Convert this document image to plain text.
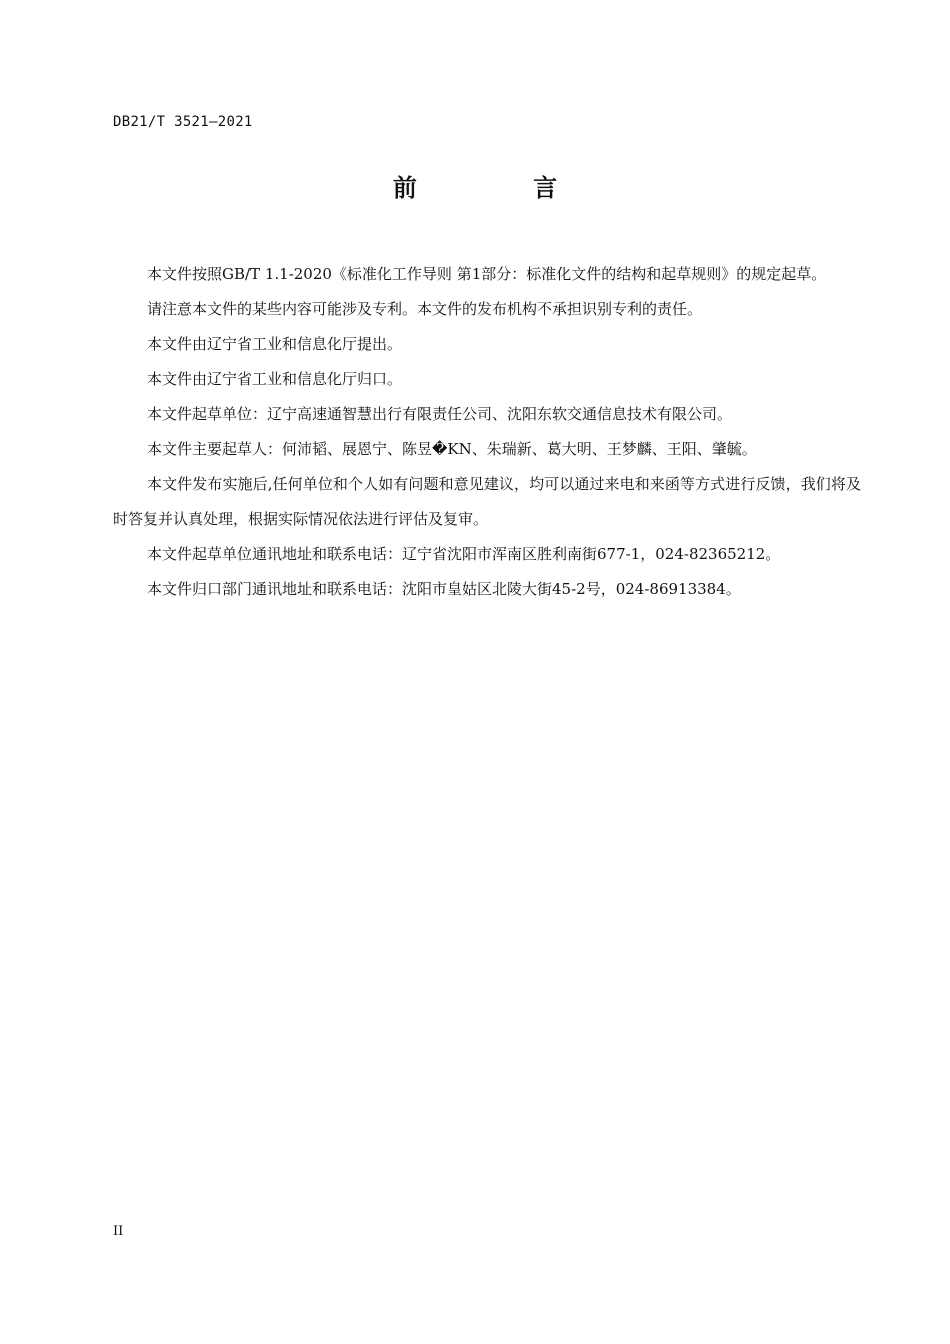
DB21/T 3521—2021
前 言

本文件按照GB/T 1.1-2020《标准化工作导则 第1部分：标准化文件的结构和起草规则》的规定起草。

请注意本文件的某些内容可能涉及专利。本文件的发布机构不承担识别专利的责任。

本文件由辽宁省工业和信息化厅提出。

本文件由辽宁省工业和信息化厅归口。

本文件起草单位：辽宁高速通智慧出行有限责任公司、沈阳东软交通信息技术有限公司。

本文件主要起草人：何沛韬、展恩宁、陈昱�KN、朱瑞新、葛大明、王梦麟、王阳、肇毓。

本文件发布实施后,任何单位和个人如有问题和意见建议，均可以通过来电和来函等方式进行反馈，我们将及时答复并认真处理，根据实际情况依法进行评估及复审。

本文件起草单位通讯地址和联系电话：辽宁省沈阳市浑南区胜利南街677-1，024-82365212。

本文件归口部门通讯地址和联系电话：沈阳市皇姑区北陵大街45-2号，024-86913384。

II
